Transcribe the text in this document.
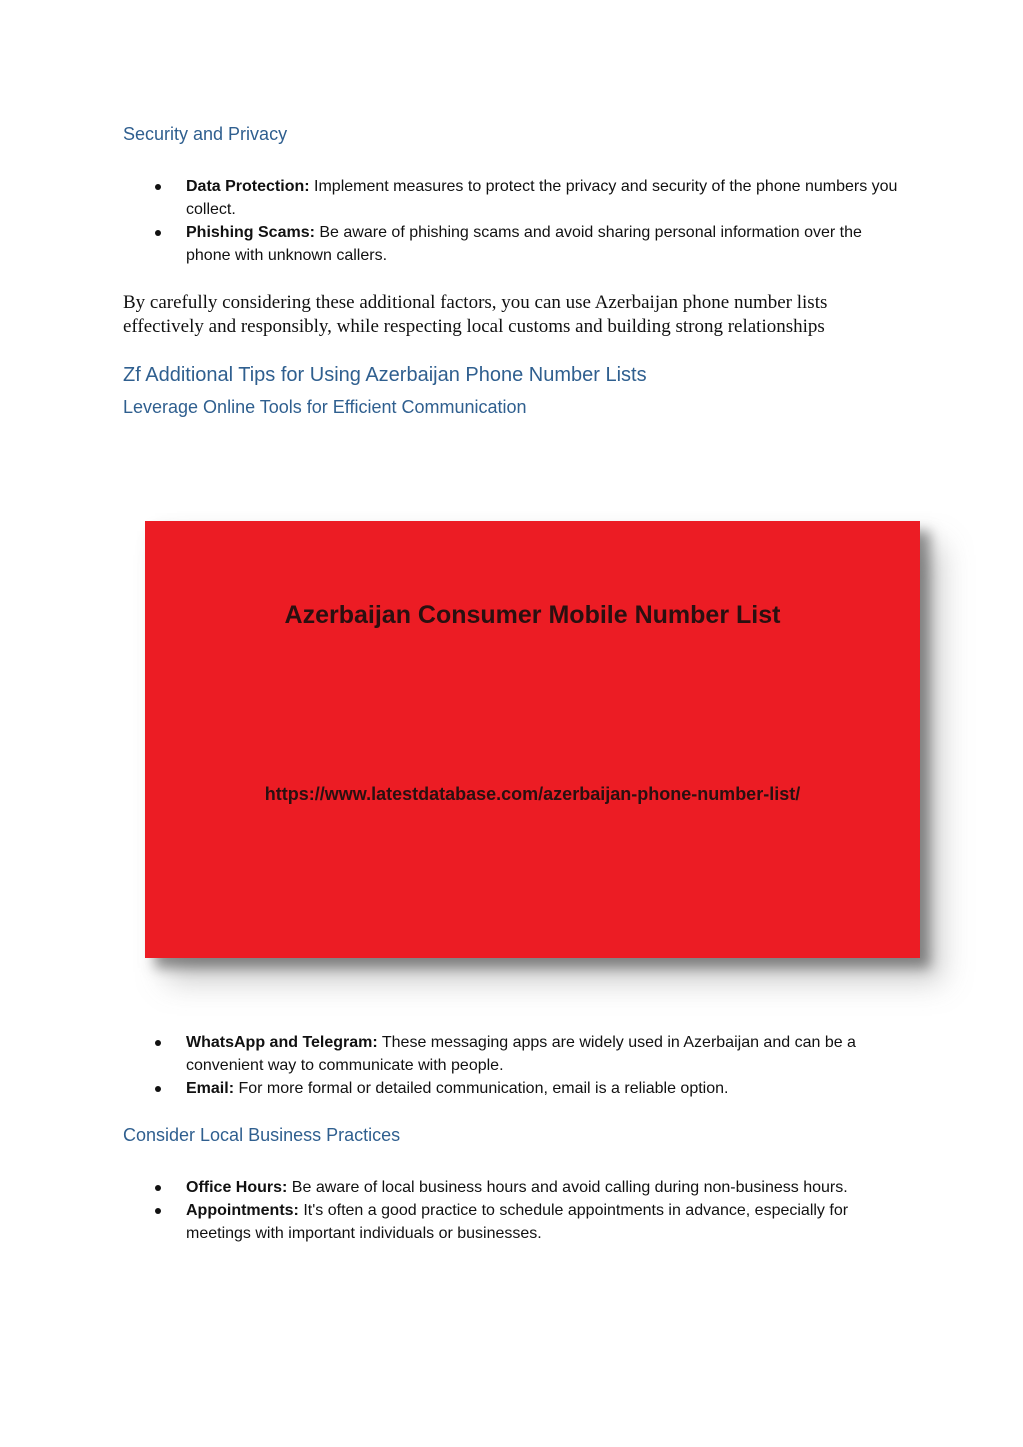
Security and Privacy
Data Protection: Implement measures to protect the privacy and security of the phone numbers you collect.
Phishing Scams: Be aware of phishing scams and avoid sharing personal information over the phone with unknown callers.

By carefully considering these additional factors, you can use Azerbaijan phone number lists effectively and responsibly, while respecting local customs and building strong relationships

Zf Additional Tips for Using Azerbaijan Phone Number Lists
Leverage Online Tools for Efficient Communication

Azerbaijan Consumer Mobile Number List

https://www.latestdatabase.com/azerbaijan-phone-number-list/

WhatsApp and Telegram: These messaging apps are widely used in Azerbaijan and can be a convenient way to communicate with people.
Email: For more formal or detailed communication, email is a reliable option.
Consider Local Business Practices
Office Hours: Be aware of local business hours and avoid calling during non-business hours.
Appointments: It's often a good practice to schedule appointments in advance, especially for meetings with important individuals or businesses.
